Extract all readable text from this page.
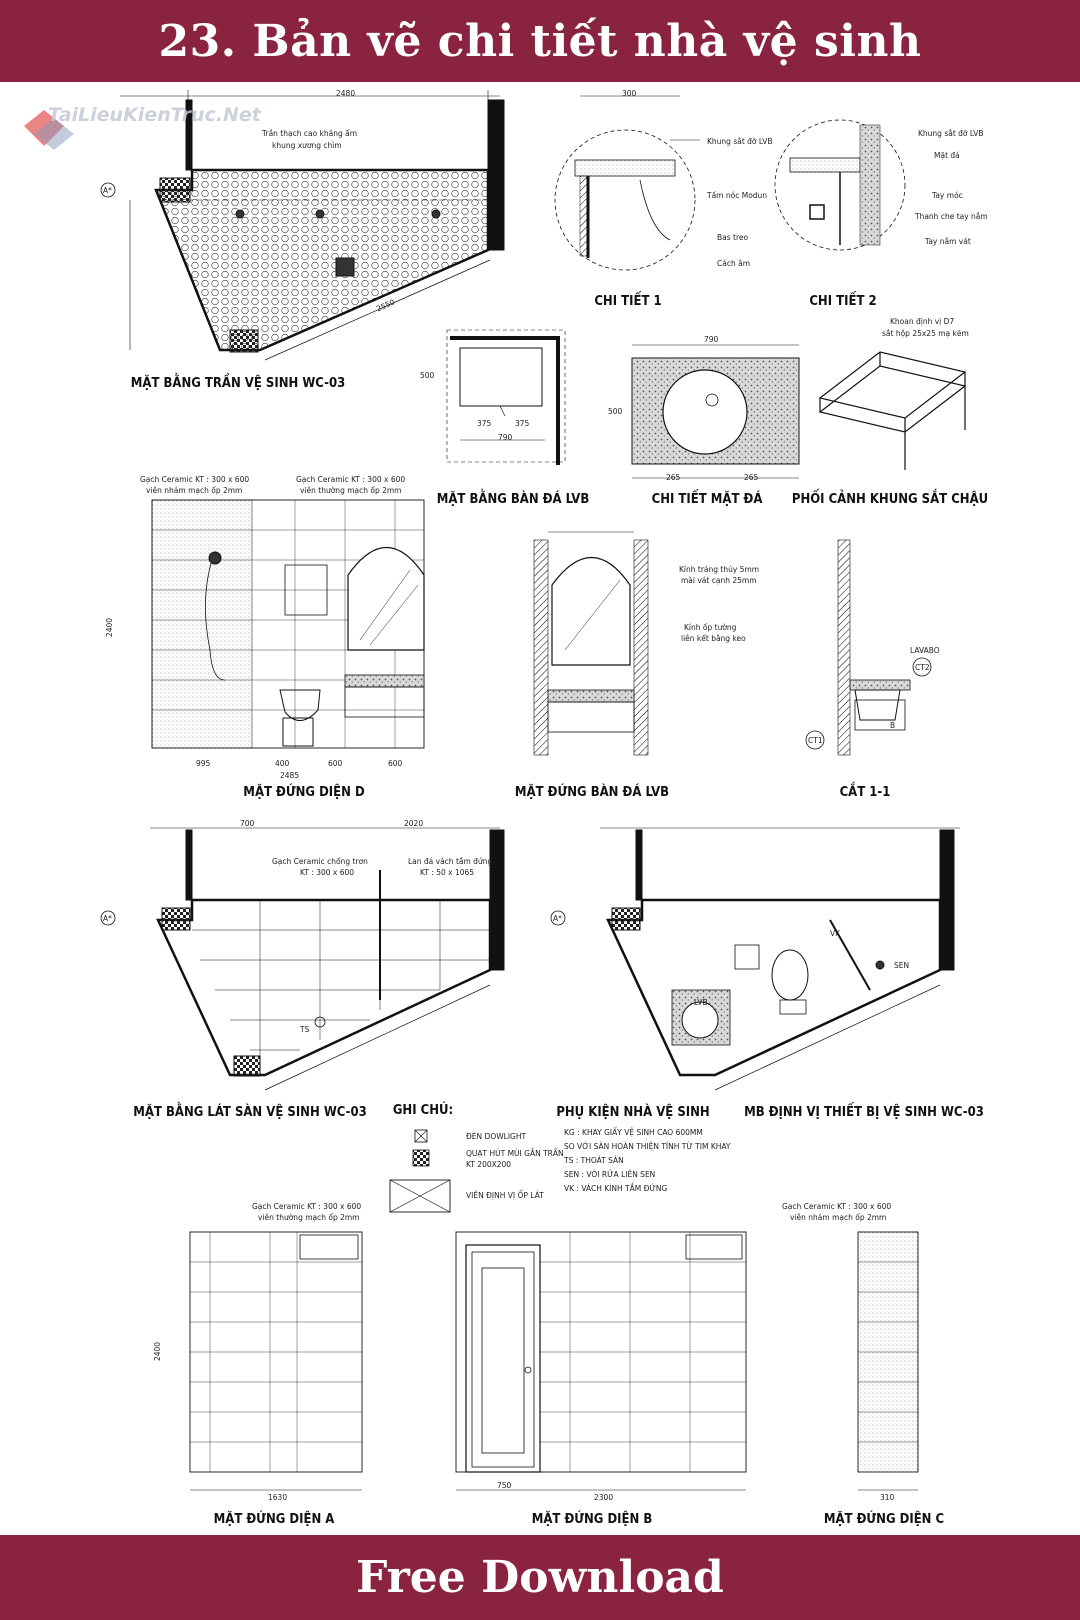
23. Bản vẽ chi tiết nhà vệ sinh
TaiLieuKienTruc.Net
MẶT BẰNG TRẦN VỆ SINH WC-03
CHI TIẾT 1	CHI TIẾT 2
MẶT BẰNG BÀN ĐÁ LVB	CHI TIẾT MẶT ĐÁ PHỐI CẢNH KHUNG SẮT CHẬU
MẶT ĐỨNG DIỆN D	MẶT ĐỨNG BÀN ĐÁ LVB	CẮT 1-1
MẶT BẰNG LÁT SÀN VỆ SINH WC-03 GHI CHÚ:	PHỤ KIỆN NHÀ VỆ SINH	MB ĐỊNH VỊ THIẾT BỊ VỆ SINH WC-03
MẶT ĐỨNG DIỆN A	MẶT ĐỨNG DIỆN B	MẶT ĐỨNG DIỆN C
Trần thạch cao kháng ẩm
khung xương chìm	Khung sắt đỡ LVB
Tấm nóc Modun
Bas treo
Cách âm
Khung sắt đỡ LVB
Mặt đá
Tay móc
Thanh che tay nắm
Tay nắm vát
Khoan định vị D7
sắt hộp 25x25 mạ kẽm
Gạch Ceramic KT : 300 x 600
viên nhám mạch ốp 2mm
Gạch Ceramic KT : 300 x 600
viên thường mạch ốp 2mm
Kính tráng thủy 5mm
mài vát cạnh 25mm
Kính ốp tường
liên kết bằng keo
LAVABO
Gạch Ceramic chống trơn
KT : 300 x 600
Lan đá vách tắm đứng
KT : 50 x 1065
Gạch Ceramic KT : 300 x 600
viên thường mạch ốp 2mm
Gạch Ceramic KT : 300 x 600
viên nhám mạch ốp 2mm
ĐÈN DOWLIGHT
QUẠT HÚT MÙI GẮN TRẦN
KT 200X200
VIÊN ĐỊNH VỊ ỐP LÁT
KG : KHAY GIẤY VỆ SINH CAO 600MM
SO VỚI SÀN HOÀN THIỆN TÍNH TỪ TIM KHAY
TS : THOÁT SÀN
SEN : VÒI RỬA LIÊN SEN
VK : VÁCH KÍNH TẮM ĐỨNG
2480
2550
300
790
500
375	375
790
500
265	265
2485
2400
995	400	600	600
2020
700
1630	2300
750
310
2400
A*
A*	A*
CT1
CT2
TS
VK
SEN
LVB
B
Free Download
